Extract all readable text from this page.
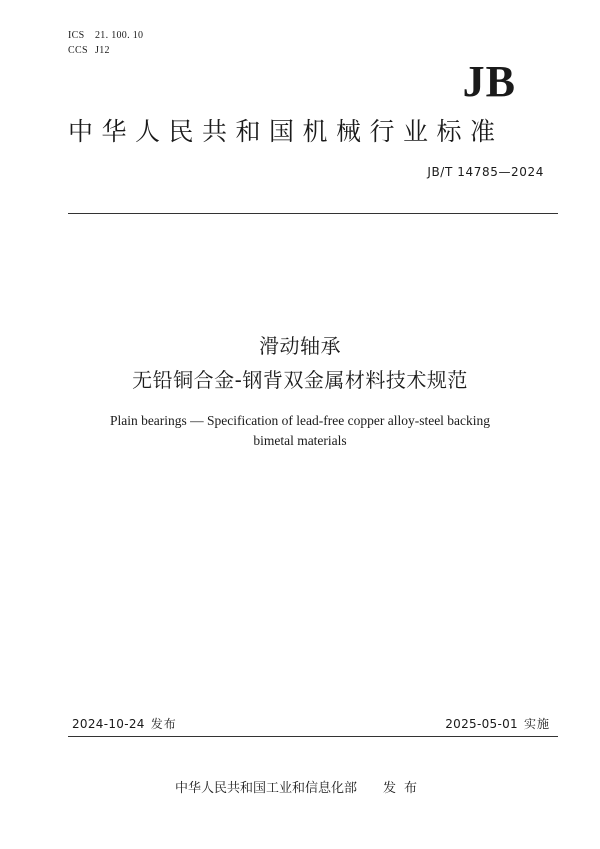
ICS 21. 100. 10
CCS J12
JB
中华人民共和国机械行业标准
JB/T 14785—2024
滑动轴承
无铅铜合金-钢背双金属材料技术规范
Plain bearings — Specification of lead-free copper alloy-steel backing
bimetal materials
2024-10-24 发布	2025-05-01 实施
中华人民共和国工业和信息化部 发布
